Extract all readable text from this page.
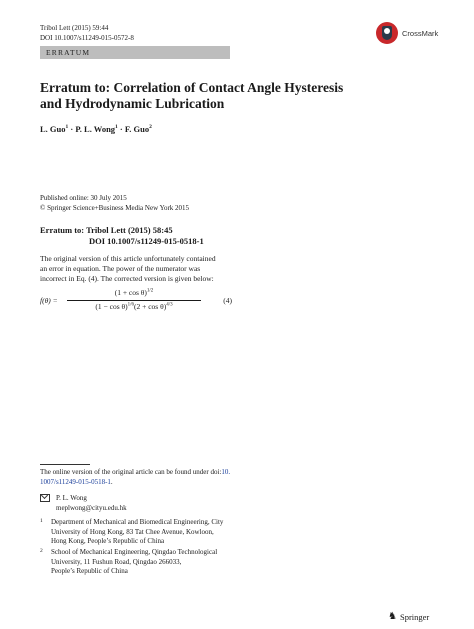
Tribol Lett (2015) 59:44
DOI 10.1007/s11249-015-0572-8	CrossMark
ERRATUM
Erratum to: Correlation of Contact Angle Hysteresis
and Hydrodynamic Lubrication
L. Guo$^1$ · P. L. Wong$^1$ · F. Guo$^2$
Published online: 30 July 2015
© Springer Science+Business Media New York 2015
Erratum to: Tribol Lett (2015) 58:45
DOI 10.1007/s11249-015-0518-1
The original version of this article unfortunately contained
an error in equation. The power of the numerator was
incorrect in Eq. (4). The corrected version is given below:
f(θ) =
$(1 + \cos \theta)^{1/2}$
$(1 - \cos \theta)^{1/6}(2 + \cos \theta)^{4/3}$	(4)
The online version of the original article can be found under doi:10.
1007/s11249-015-0518-1.
P. L. Wong
meplwong@cityu.edu.hk
1 Department of Mechanical and Biomedical Engineering, City
University of Hong Kong, 83 Tat Chee Avenue, Kowloon,
Hong Kong, People’s Republic of China
2 School of Mechanical Engineering, Qingdao Technological
University, 11 Fushun Road, Qingdao 266033,
People’s Republic of China
♞ Springer
